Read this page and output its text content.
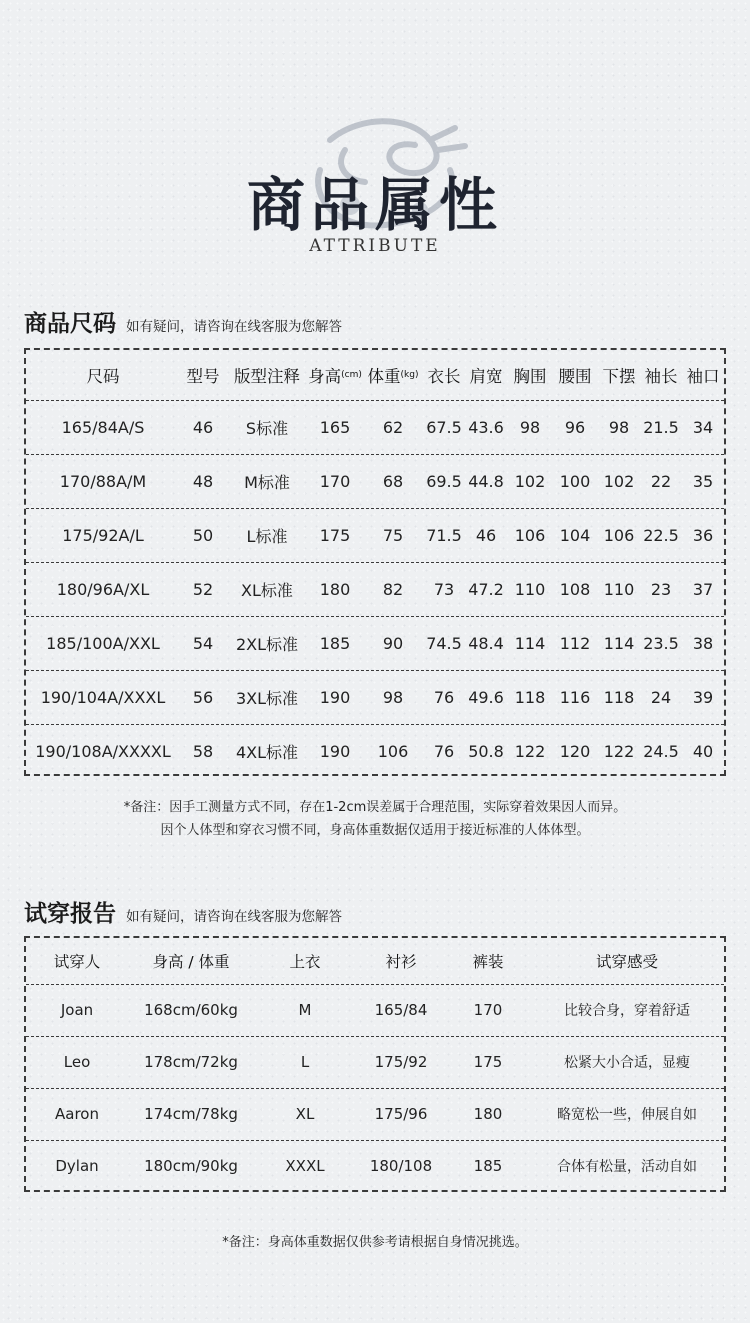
商品属性
ATTRIBUTE
商品尺码 如有疑问，请咨询在线客服为您解答
尺码	型号 版型注释 身高 (cm) 体重 (kg) 衣长 肩宽 胸围 腰围 下摆 袖长 袖口
165/84A/S	46	S标准	165	62	67.5 43.6	98	96	98 21.5 34
170/88A/M	48	M标准	170	68	69.5 44.8 102 100 102	22	35
175/92A/L	50	L标准	175	75	71.5 46	106 104 106 22.5 36
180/96A/XL	52	XL标准	180	82	73 47.2 110 108 110	23	37
185/100A/XXL	54	2XL标准	185	90	74.5 48.4 114 112 114 23.5 38
190/104A/XXXL	56	3XL标准	190	98	76 49.6 118 116 118	24	39
190/108A/XXXXL	58	4XL标准	190	106	76 50.8 122 120 122 24.5 40
*备注：因手工测量方式不同，存在1-2cm误差属于合理范围，实际穿着效果因人而异。
因个人体型和穿衣习惯不同，身高体重数据仅适用于接近标准的人体体型。
试穿报告 如有疑问，请咨询在线客服为您解答
试穿人	身高 / 体重	上衣	衬衫	裤装	试穿感受
Joan	168cm/60kg	M	165/84	170	比较合身，穿着舒适
Leo	178cm/72kg	L	175/92	175	松紧大小合适，显瘦
Aaron	174cm/78kg	XL	175/96	180	略宽松一些，伸展自如
Dylan	180cm/90kg	XXXL	180/108	185	合体有松量，活动自如
*备注：身高体重数据仅供参考请根据自身情况挑选。
